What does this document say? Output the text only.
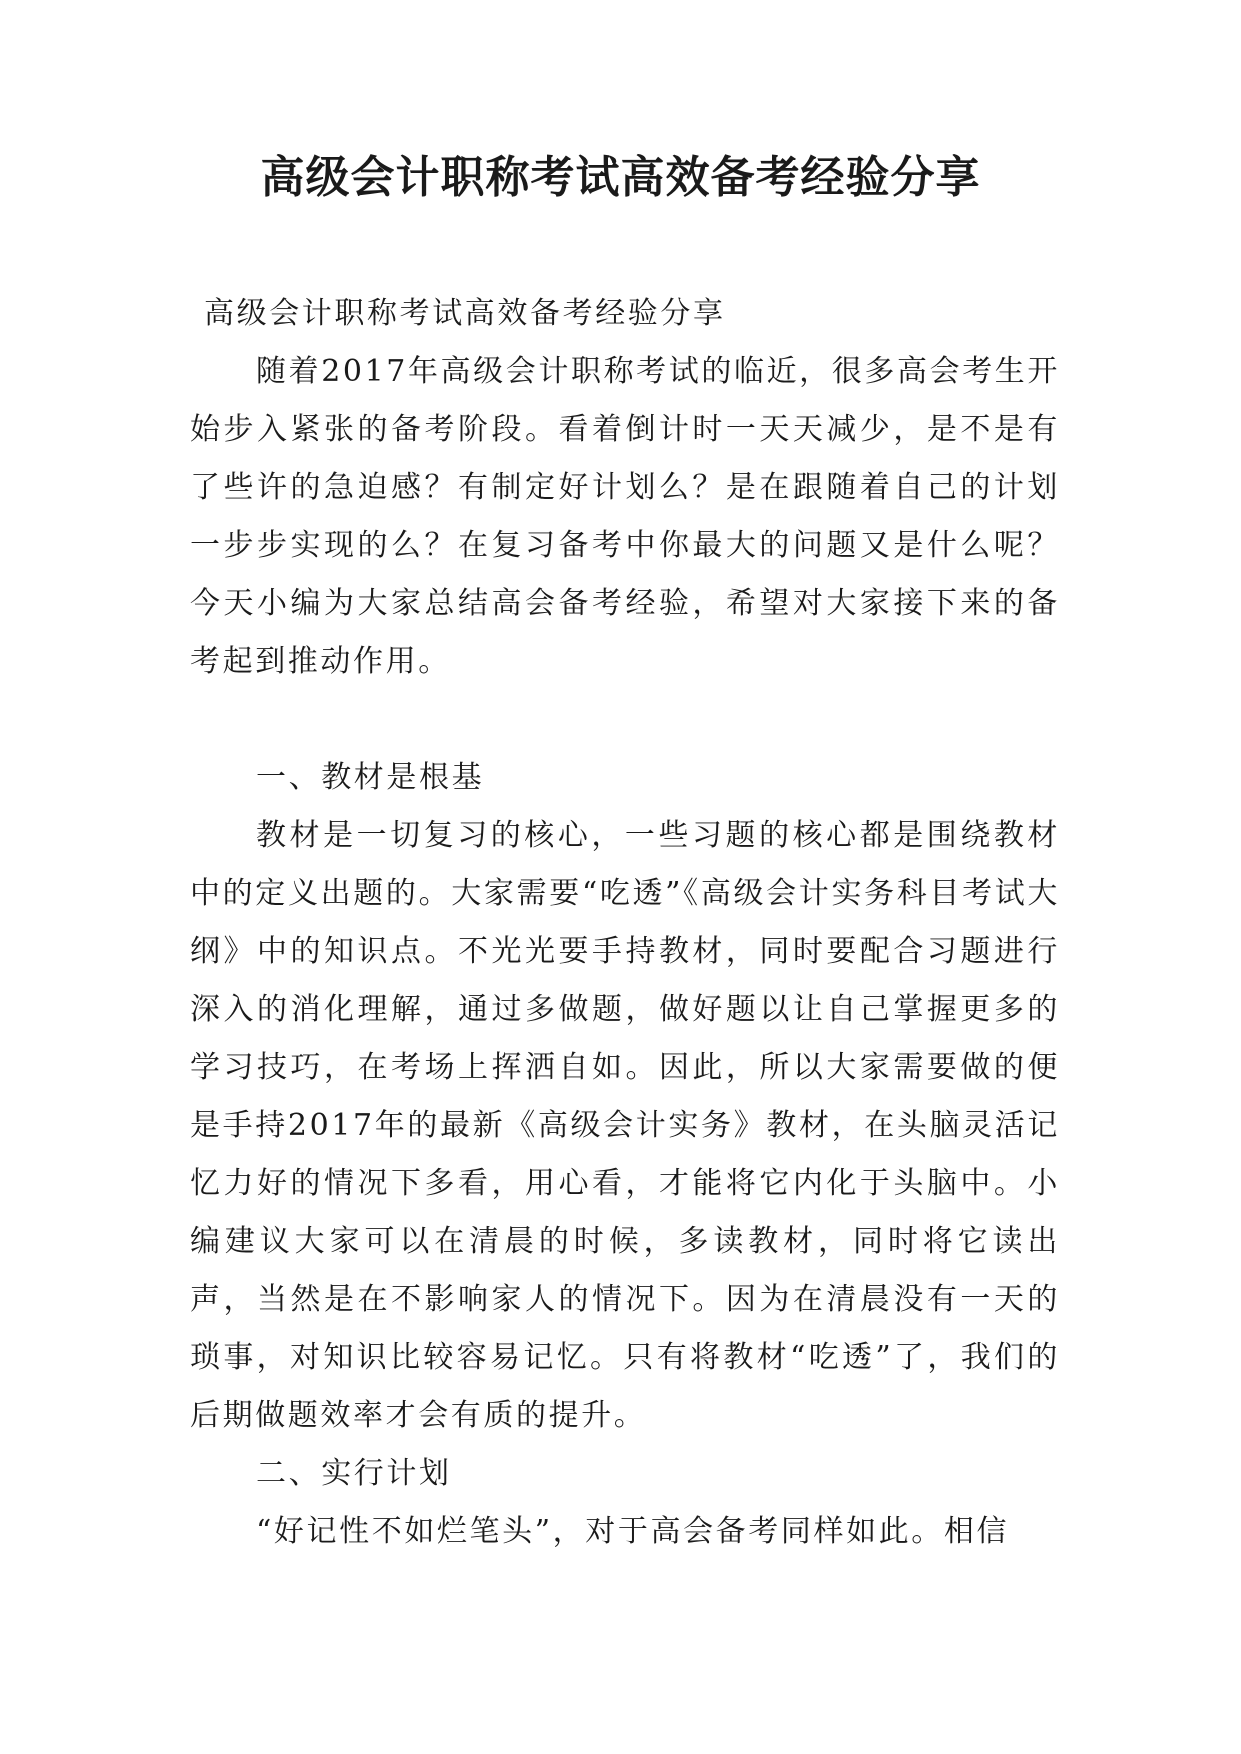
高级会计职称考试高效备考经验分享

高级会计职称考试高效备考经验分享

随着2017年高级会计职称考试的临近，很多高会考生开始步入紧张的备考阶段。看着倒计时一天天减少，是不是有了些许的急迫感？有制定好计划么？是在跟随着自己的计划一步步实现的么？在复习备考中你最大的问题又是什么呢？今天小编为大家总结高会备考经验，希望对大家接下来的备考起到推动作用。

一、教材是根基

教材是一切复习的核心，一些习题的核心都是围绕教材中的定义出题的。大家需要“吃透”《高级会计实务科目考试大纲》中的知识点。不光光要手持教材，同时要配合习题进行深入的消化理解，通过多做题，做好题以让自己掌握更多的学习技巧，在考场上挥洒自如。因此，所以大家需要做的便是手持2017年的最新《高级会计实务》教材，在头脑灵活记忆力好的情况下多看，用心看，才能将它内化于头脑中。小编建议大家可以在清晨的时候，多读教材，同时将它读出声，当然是在不影响家人的情况下。因为在清晨没有一天的琐事，对知识比较容易记忆。只有将教材“吃透”了，我们的后期做题效率才会有质的提升。

二、实行计划

“好记性不如烂笔头”，对于高会备考同样如此。相信
